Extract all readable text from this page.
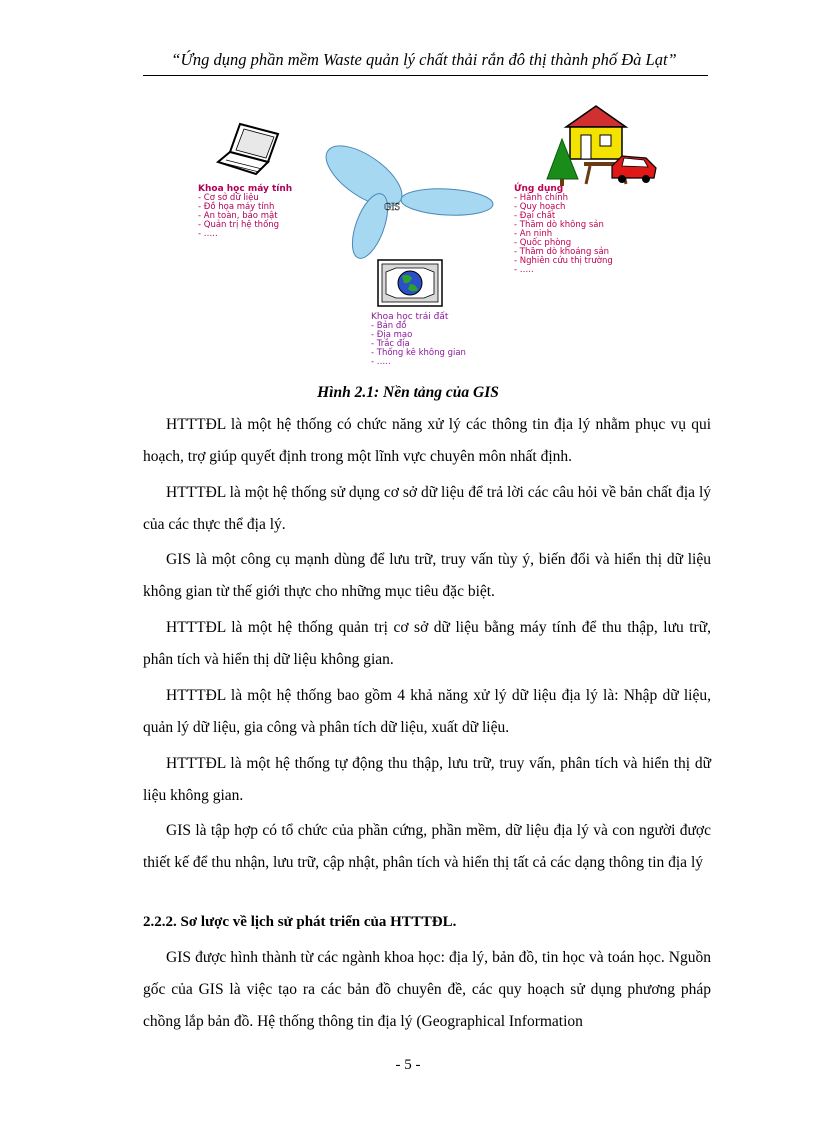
“Ứng dụng phần mềm Waste quản lý chất thải rắn đô thị thành phố Đà Lạt”
GIS
Khoa học máy tính
- Cơ sở dữ liệu
- Đồ họa máy tính
- An toàn, bảo mật
- Quản trị hệ thống
- …..
Ứng dụng
- Hành chính
- Quy hoạch
- Đại chất
- Thăm dò không sản
- An ninh
- Quốc phòng
- Thăm dò khoáng sản
- Nghiên cứu thị trường
- …..
Khoa học trái đất
- Bản đồ
- Địa mạo
- Trắc địa
- Thống kê không gian
- …..
Hình 2.1: Nền tảng của GIS

HTTTĐL là một hệ thống có chức năng xử lý các thông tin địa lý nhằm phục vụ qui hoạch, trợ giúp quyết định trong một lĩnh vực chuyên môn nhất định.

HTTTĐL là một hệ thống sử dụng cơ sở dữ liệu để trả lời các câu hỏi về bản chất địa lý của các thực thể địa lý.

GIS là một công cụ mạnh dùng để lưu trữ, truy vấn tùy ý, biến đổi và hiển thị dữ liệu không gian từ thế giới thực cho những mục tiêu đặc biệt.

HTTTĐL là một hệ thống quản trị cơ sở dữ liệu bằng máy tính để thu thập, lưu trữ, phân tích và hiển thị dữ liệu không gian.

HTTTĐL là một hệ thống bao gồm 4 khả năng xử lý dữ liệu địa lý là: Nhập dữ liệu, quản lý dữ liệu, gia công và phân tích dữ liệu, xuất dữ liệu.

HTTTĐL là một hệ thống tự động thu thập, lưu trữ, truy vấn, phân tích và hiển thị dữ liệu không gian.

GIS là tập hợp có tổ chức của phần cứng, phần mềm, dữ liệu địa lý và con người được thiết kế để thu nhận, lưu trữ, cập nhật, phân tích và hiển thị tất cả các dạng thông tin địa lý

2.2.2. Sơ lược về lịch sử phát triển của HTTTĐL.

GIS được hình thành từ các ngành khoa học: địa lý, bản đồ, tin học và toán học. Nguồn gốc của GIS là việc tạo ra các bản đồ chuyên đề, các quy hoạch sử dụng phương pháp chồng lắp bản đồ. Hệ thống thông tin địa lý (Geographical Information

- 5 -
